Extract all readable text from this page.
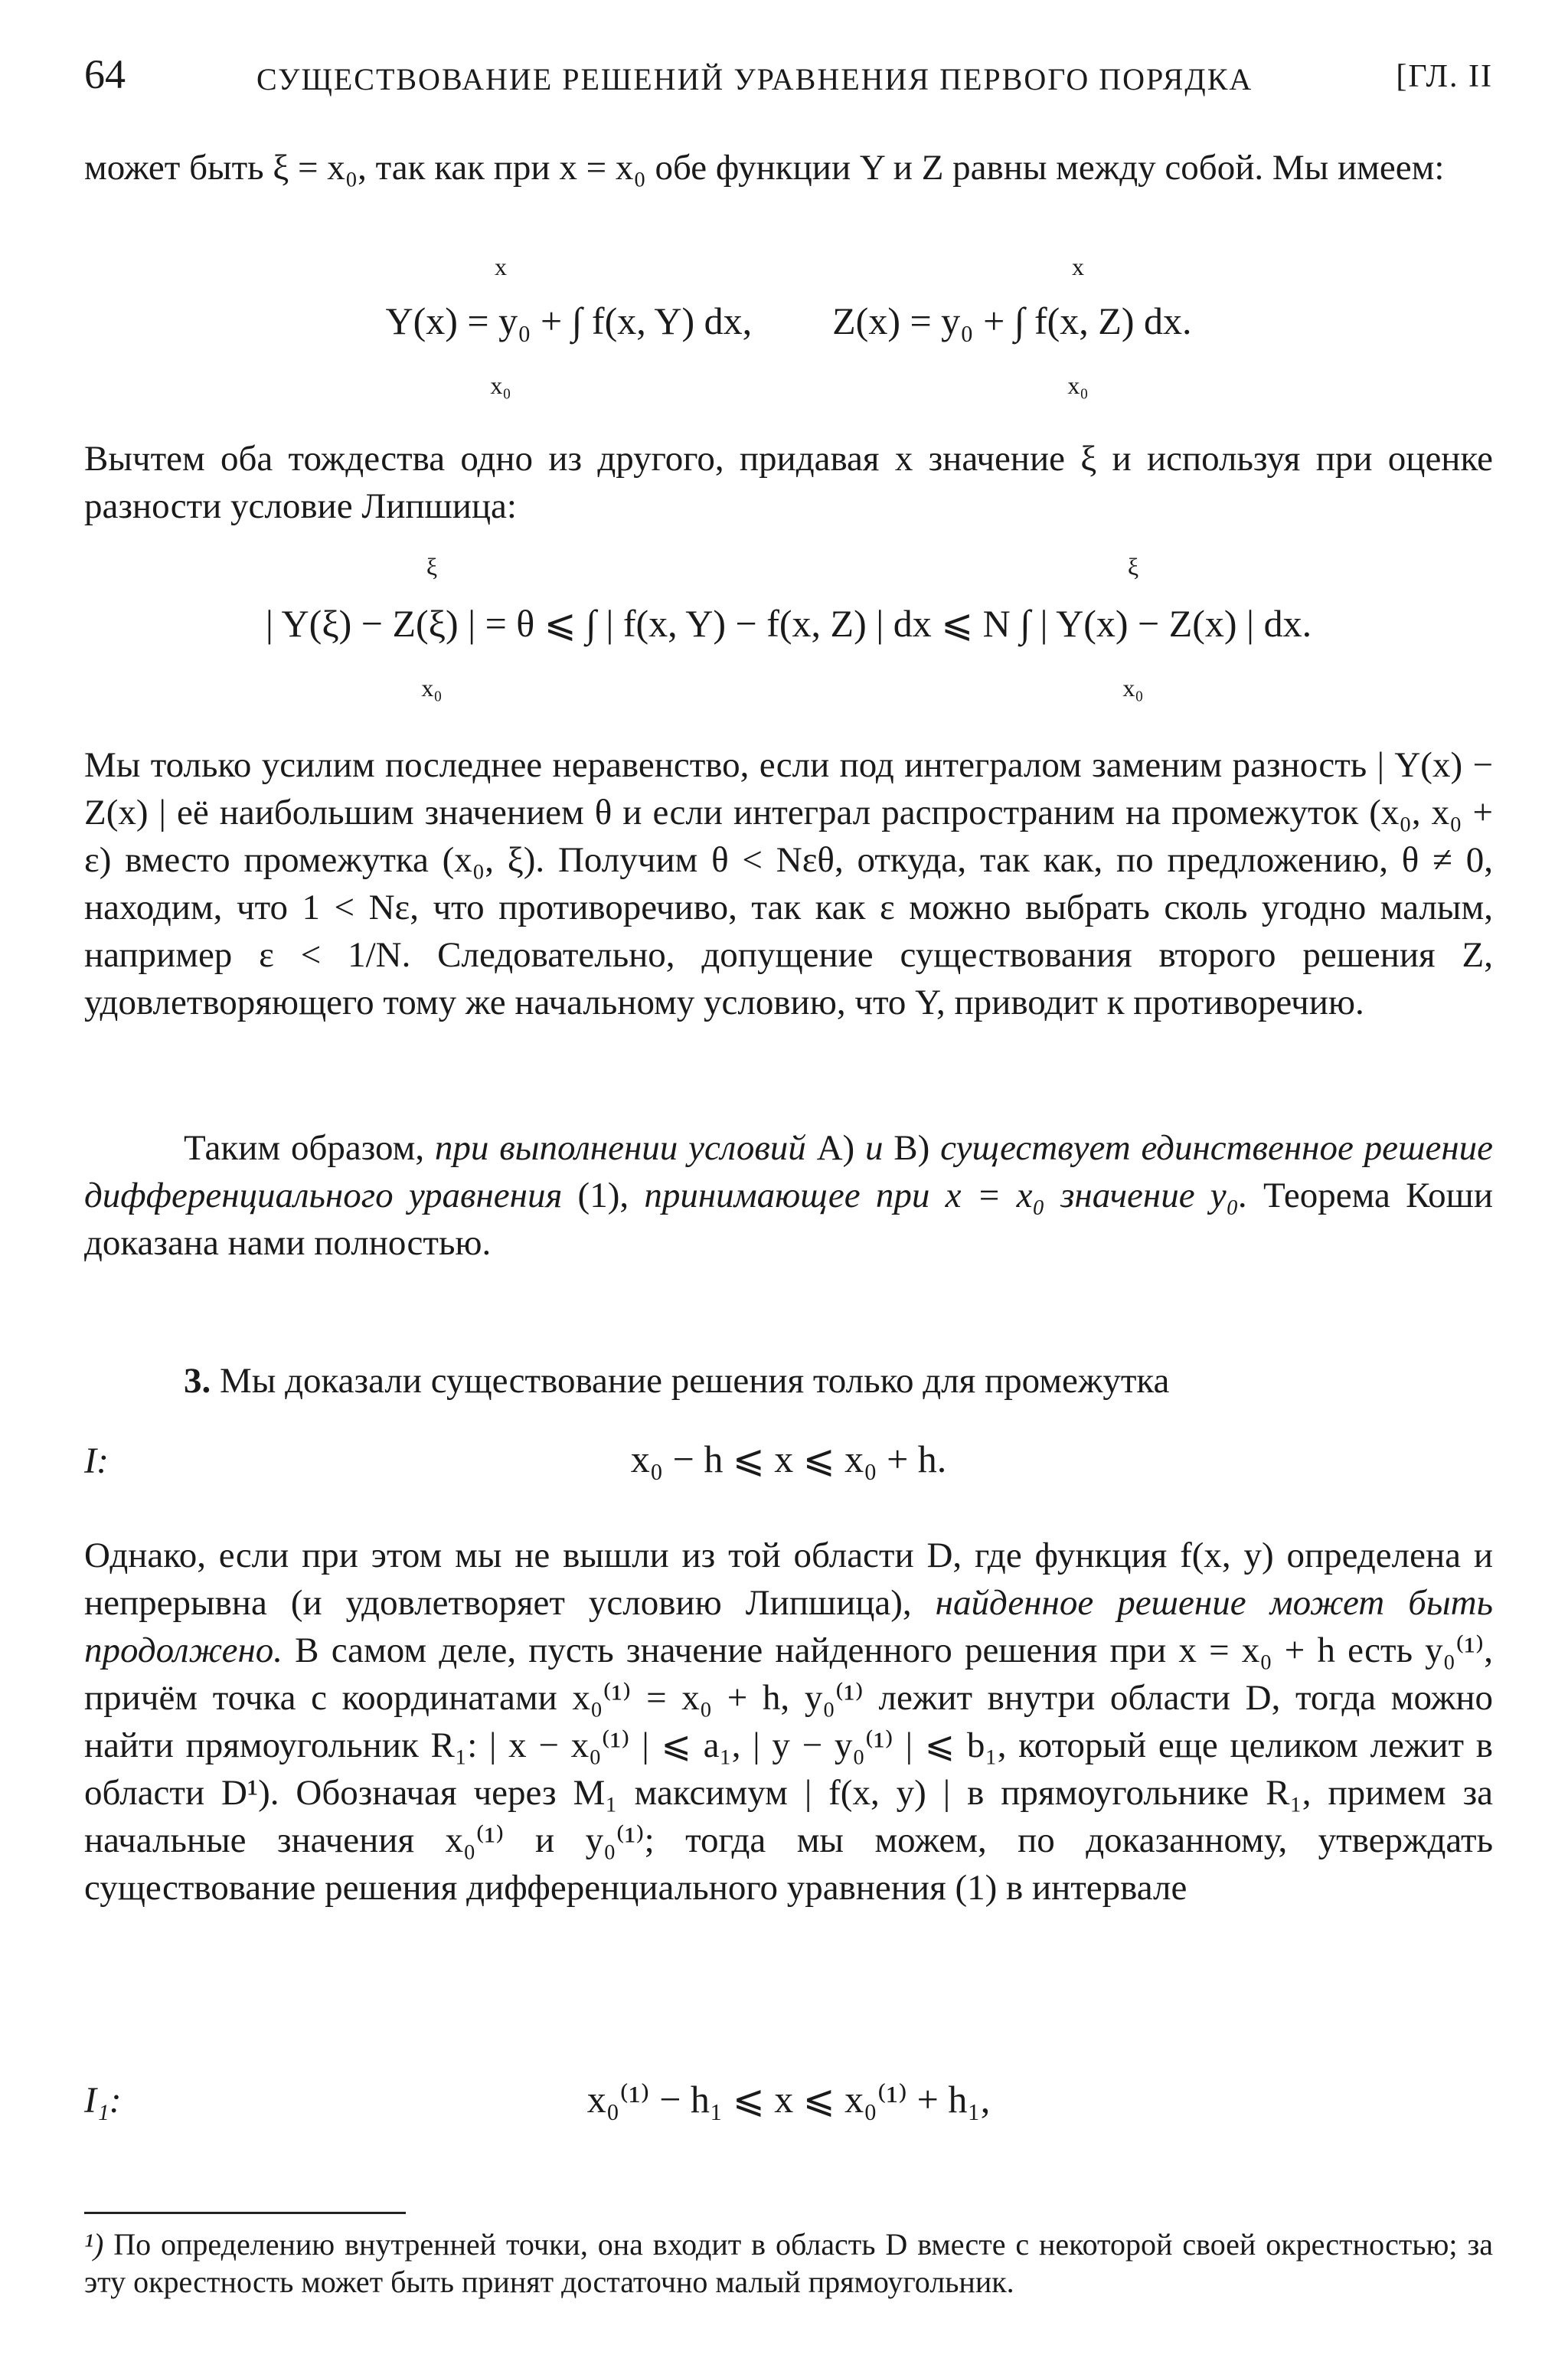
64	СУЩЕСТВОВАНИЕ РЕШЕНИЙ УРАВНЕНИЯ ПЕРВОГО ПОРЯДКА	[ГЛ. II

может быть ξ = x₀, так как при x = x₀ обе функции Y и Z равны между собой. Мы имеем:

Y(x) = y₀ + ∫ f(x, Y) dx, Z(x) = y₀ + ∫ f(x, Z) dx.
x	x
x₀	x₀

Вычтем оба тождества одно из другого, придавая x значение ξ и используя при оценке разности условие Липшица:

| Y(ξ) − Z(ξ) | = θ ⩽ ∫ | f(x, Y) − f(x, Z) | dx ⩽ N ∫ | Y(x) − Z(x) | dx.
ξ	ξ
x₀	x₀

Мы только усилим последнее неравенство, если под интегралом заменим разность | Y(x) − Z(x) | её наибольшим значением θ и если интеграл распространим на промежуток (x₀, x₀ + ε) вместо промежутка (x₀, ξ). Получим θ < Nεθ, откуда, так как, по предложению, θ ≠ 0, находим, что 1 < Nε, что противоречиво, так как ε можно выбрать сколь угодно малым, например ε < 1/N. Следовательно, допущение существования второго решения Z, удовлетворяющего тому же начальному условию, что Y, приводит к противоречию.

Таким образом, при выполнении условий A) и B) существует единственное решение дифференциального уравнения (1), принимающее при x = x₀ значение y₀. Теорема Коши доказана нами полностью.

3. Мы доказали существование решения только для промежутка

I:	x₀ − h ⩽ x ⩽ x₀ + h.

Однако, если при этом мы не вышли из той области D, где функция f(x, y) определена и непрерывна (и удовлетворяет условию Липшица), найденное решение может быть продолжено. В самом деле, пусть значение найденного решения при x = x₀ + h есть y₀⁽¹⁾, причём точка с координатами x₀⁽¹⁾ = x₀ + h, y₀⁽¹⁾ лежит внутри области D, тогда можно найти прямоугольник R₁: | x − x₀⁽¹⁾ | ⩽ a₁, | y − y₀⁽¹⁾ | ⩽ b₁, который еще целиком лежит в области D¹). Обозначая через M₁ максимум | f(x, y) | в прямоугольнике R₁, примем за начальные значения x₀⁽¹⁾ и y₀⁽¹⁾; тогда мы можем, по доказанному, утверждать существование решения дифференциального уравнения (1) в интервале

I₁:	x₀⁽¹⁾ − h₁ ⩽ x ⩽ x₀⁽¹⁾ + h₁,
¹) По определению внутренней точки, она входит в область D вместе с некоторой своей окрестностью; за эту окрестность может быть принят достаточно малый прямоугольник.
